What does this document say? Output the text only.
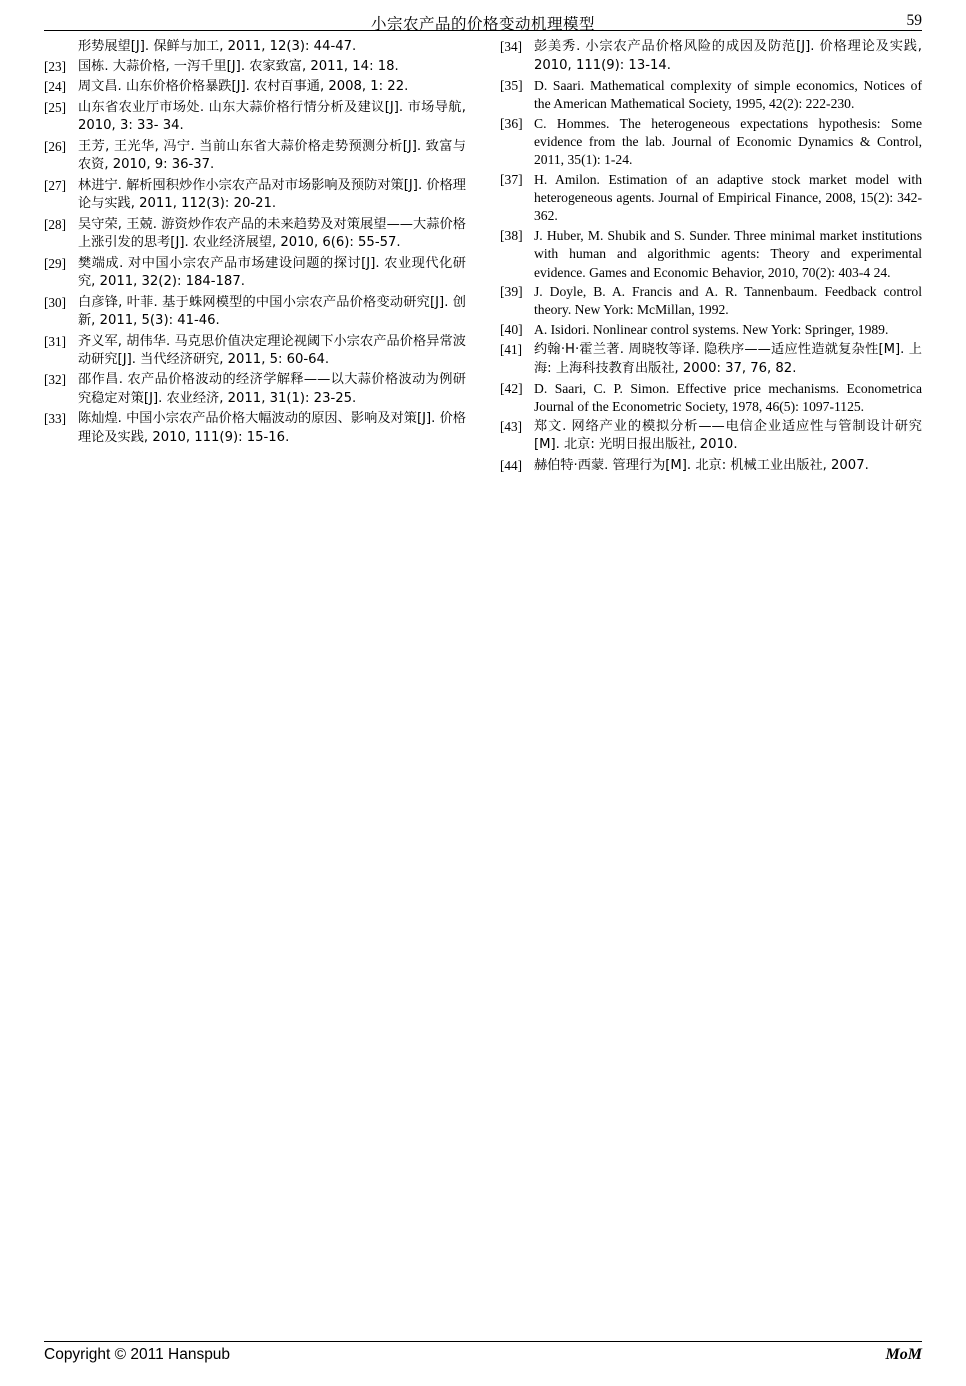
小宗农产品的价格变动机理模型	59
形势展望[J]. 保鲜与加工, 2011, 12(3): 44-47.
[23] 国栋. 大蒜价格, 一泻千里[J]. 农家致富, 2011, 14: 18.
[24] 周文昌. 山东价格价格暴跌[J]. 农村百事通, 2008, 1: 22.
[25] 山东省农业厅市场处. 山东大蒜价格行情分析及建议[J]. 市场导航, 2010, 3: 33- 34.
[26] 王芳, 王光华, 冯宁. 当前山东省大蒜价格走势预测分析[J]. 致富与农资, 2010, 9: 36-37.
[27] 林进宁. 解析囤积炒作小宗农产品对市场影响及预防对策[J]. 价格理论与实践, 2011, 112(3): 20-21.
[28] 吴守荣, 王兢. 游资炒作农产品的未来趋势及对策展望——大蒜价格上涨引发的思考[J]. 农业经济展望, 2010, 6(6): 55-57.
[29] 樊端成. 对中国小宗农产品市场建设问题的探讨[J]. 农业现代化研究, 2011, 32(2): 184-187.
[30] 白彦锋, 叶菲. 基于蛛网模型的中国小宗农产品价格变动研究[J]. 创新, 2011, 5(3): 41-46.
[31] 齐义军, 胡伟华. 马克思价值决定理论视阈下小宗农产品价格异常波动研究[J]. 当代经济研究, 2011, 5: 60-64.
[32] 邵作昌. 农产品价格波动的经济学解释——以大蒜价格波动为例研究稳定对策[J]. 农业经济, 2011, 31(1): 23-25.
[33] 陈灿煌. 中国小宗农产品价格大幅波动的原因、影响及对策[J]. 价格理论及实践, 2010, 111(9): 15-16.
[34] 彭美秀. 小宗农产品价格风险的成因及防范[J]. 价格理论及实践, 2010, 111(9): 13-14.
[35] D. Saari. Mathematical complexity of simple economics, Notices of the American Mathematical Society, 1995, 42(2): 222-230.
[36] C. Hommes. The heterogeneous expectations hypothesis: Some evidence from the lab. Journal of Economic Dynamics & Control, 2011, 35(1): 1-24.
[37] H. Amilon. Estimation of an adaptive stock market model with heterogeneous agents. Journal of Empirical Finance, 2008, 15(2): 342-362.
[38] J. Huber, M. Shubik and S. Sunder. Three minimal market institutions with human and algorithmic agents: Theory and experimental evidence. Games and Economic Behavior, 2010, 70(2): 403-4 24.
[39] J. Doyle, B. A. Francis and A. R. Tannenbaum. Feedback control theory. New York: McMillan, 1992.
[40] A. Isidori. Nonlinear control systems. New York: Springer, 1989.
[41] 约翰·H·霍兰著. 周晓牧等译. 隐秩序——适应性造就复杂性[M]. 上海: 上海科技教育出版社, 2000: 37, 76, 82.
[42] D. Saari, C. P. Simon. Effective price mechanisms. Econometrica Journal of the Econometric Society, 1978, 46(5): 1097-1125.
[43] 郑文. 网络产业的模拟分析——电信企业适应性与管制设计研究[M]. 北京: 光明日报出版社, 2010.
[44] 赫伯特·西蒙. 管理行为[M]. 北京: 机械工业出版社, 2007.
Copyright © 2011 Hanspub	MoM
